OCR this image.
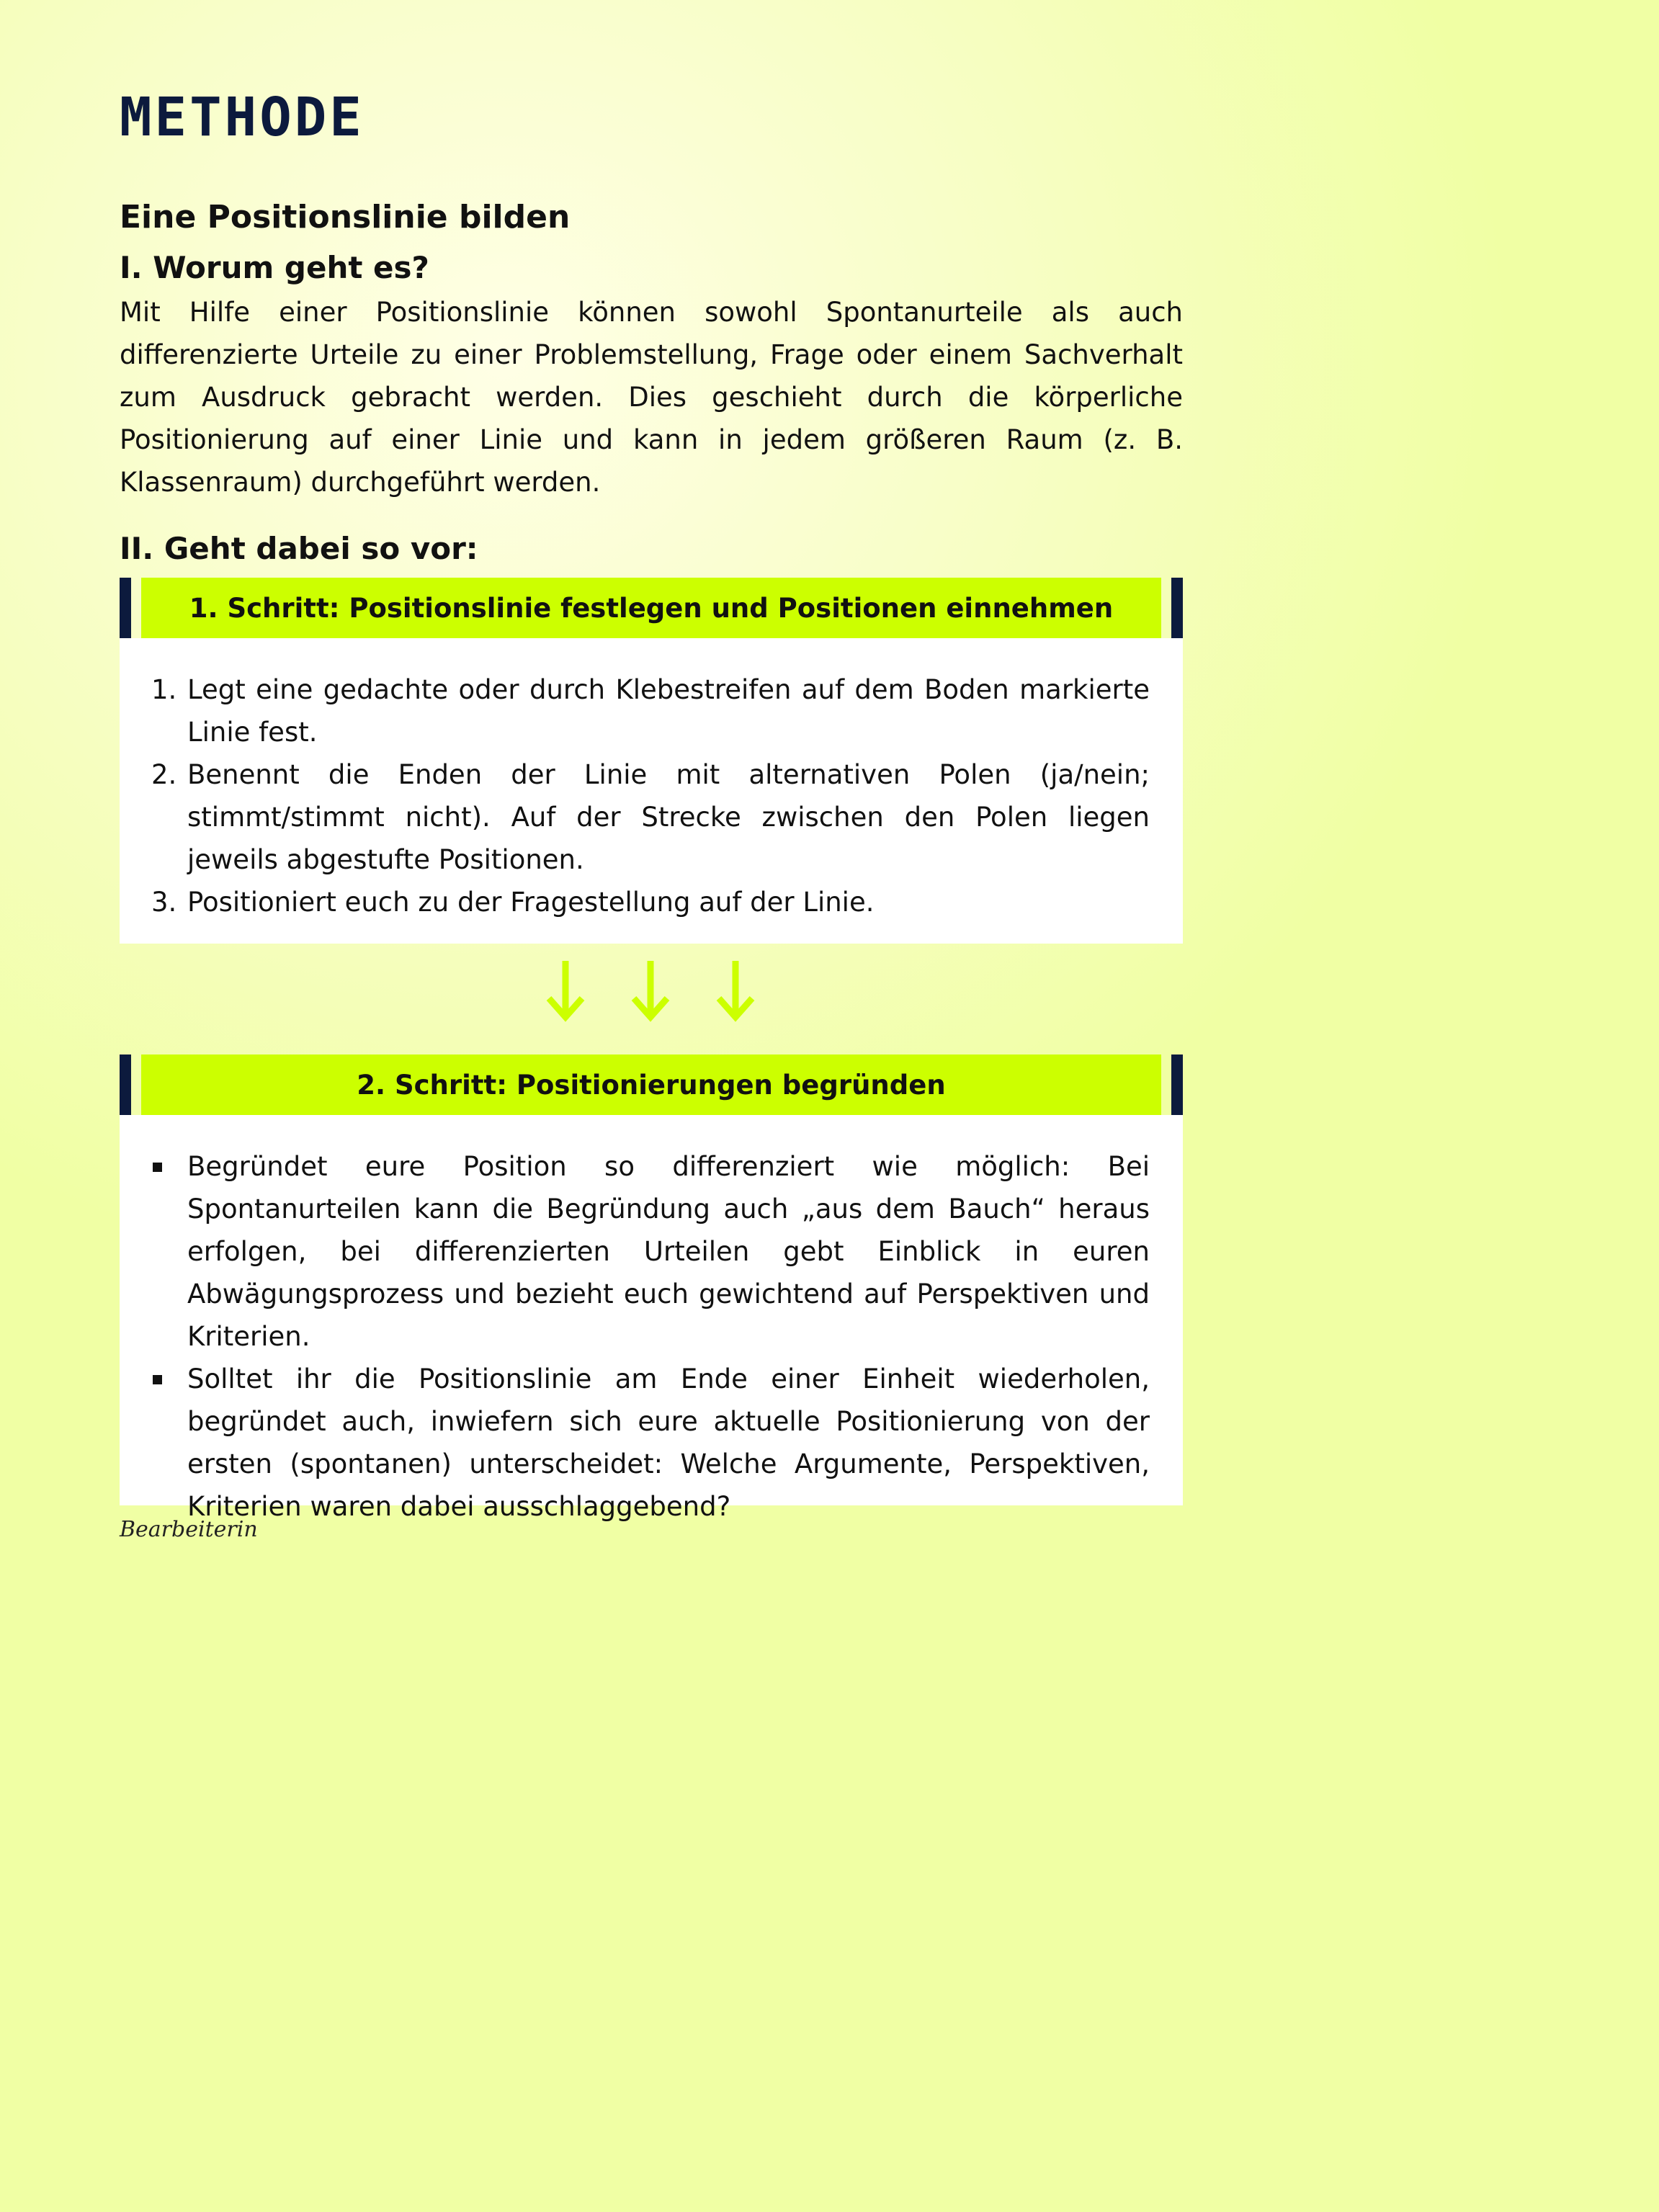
METHODE
Eine Positionslinie bilden
I. Worum geht es?

Mit Hilfe einer Positionslinie können sowohl Spontanurteile als auch differenzierte Urteile zu einer Problemstellung, Frage oder einem Sachverhalt zum Ausdruck gebracht werden. Dies geschieht durch die körperliche Positionierung auf einer Linie und kann in jedem größeren Raum (z. B. Klassenraum) durchgeführt werden.

II. Geht dabei so vor:
1. Schritt: Positionslinie festlegen und Positionen einnehmen
1. Legt eine gedachte oder durch Klebestreifen auf dem Boden markierte Linie fest.
2. Benennt die Enden der Linie mit alternativen Polen (ja/nein; stimmt/stimmt nicht). Auf der Strecke zwischen den Polen liegen jeweils abgestufte Positionen.
3. Positioniert euch zu der Fragestellung auf der Linie.
2. Schritt: Positionierungen begründen
Begründet eure Position so differenziert wie möglich: Bei Spontanurteilen kann die Begründung auch „aus dem Bauch“ heraus erfolgen, bei differenzierten Urteilen gebt Einblick in euren Abwägungsprozess und bezieht euch gewichtend auf Perspektiven und Kriterien.
Solltet ihr die Positionslinie am Ende einer Einheit wiederholen, begründet auch, inwiefern sich eure aktuelle Positionierung von der ersten (spontanen) unterscheidet: Welche Argumente, Perspektiven, Kriterien waren dabei ausschlaggebend?

Bearbeiterin
